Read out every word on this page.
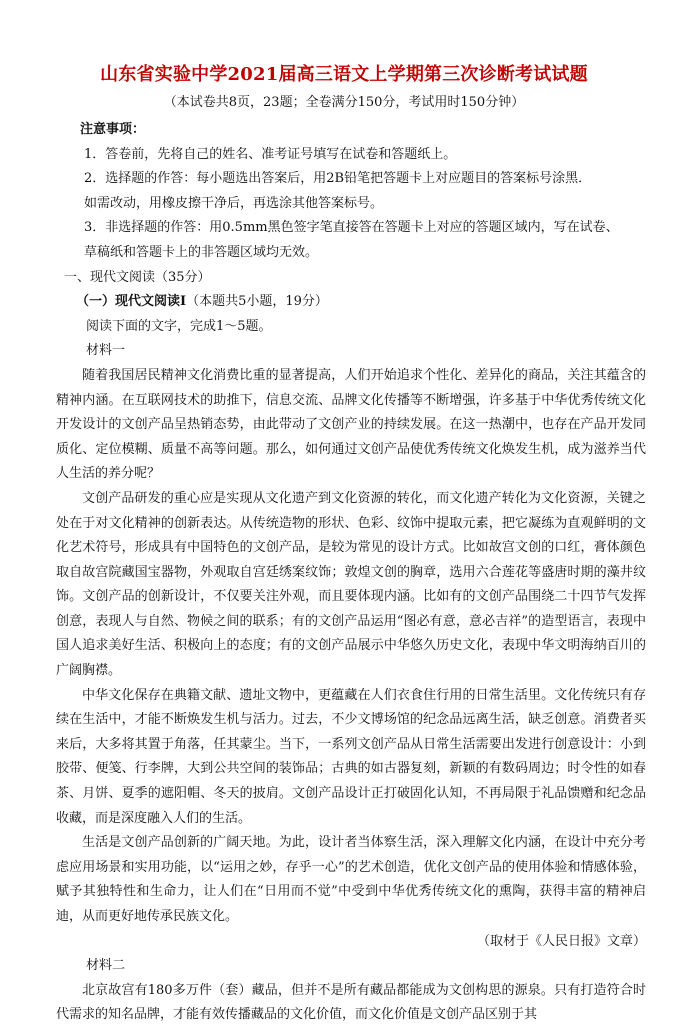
山东省实验中学2021届高三语文上学期第三次诊断考试试题
（本试卷共8页，23题；全卷满分150分，考试用时150分钟）
注意事项：
1．答卷前，先将自己的姓名、准考证号填写在试卷和答题纸上。
2．选择题的作答：每小题选出答案后，用2B铅笔把答题卡上对应题目的答案标号涂黑．
如需改动，用橡皮擦干净后，再选涂其他答案标号。
3．非选择题的作答：用0.5mm黑色签字笔直接答在答题卡上对应的答题区域内，写在试卷、
草稿纸和答题卡上的非答题区域均无效。
一、现代文阅读（35分）
（一）现代文阅读Ⅰ（本题共5小题，19分）
阅读下面的文字，完成1～5题。
材料一

随着我国居民精神文化消费比重的显著提高，人们开始追求个性化、差异化的商品，关注其蕴含的精神内涵。在互联网技术的助推下，信息交流、品牌文化传播等不断增强，许多基于中华优秀传统文化开发设计的文创产品呈热销态势，由此带动了文创产业的持续发展。在这一热潮中，也存在产品开发同质化、定位模糊、质量不高等问题。那么，如何通过文创产品使优秀传统文化焕发生机，成为滋养当代人生活的养分呢？

文创产品研发的重心应是实现从文化遗产到文化资源的转化，而文化遗产转化为文化资源，关键之处在于对文化精神的创新表达。从传统造物的形状、色彩、纹饰中提取元素，把它凝练为直观鲜明的文化艺术符号，形成具有中国特色的文创产品，是较为常见的设计方式。比如故宫文创的口红，膏体颜色取自故宫院藏国宝器物，外观取自宫廷绣案纹饰；敦煌文创的胸章，选用六合莲花等盛唐时期的藻井纹饰。文创产品的创新设计，不仅要关注外观，而且要体现内涵。比如有的文创产品围绕二十四节气发挥创意，表现人与自然、物候之间的联系；有的文创产品运用“图必有意，意必吉祥”的造型语言，表现中国人追求美好生活、积极向上的态度；有的文创产品展示中华悠久历史文化，表现中华文明海纳百川的广阔胸襟。

中华文化保存在典籍文献、遗址文物中，更蕴藏在人们衣食住行用的日常生活里。文化传统只有存续在生活中，才能不断焕发生机与活力。过去，不少文博场馆的纪念品远离生活，缺乏创意。消费者买来后，大多将其置于角落，任其蒙尘。当下，一系列文创产品从日常生活需要出发进行创意设计：小到胶带、便笺、行李牌，大到公共空间的装饰品；古典的如古器复刻，新颖的有数码周边；时令性的如春茶、月饼、夏季的遮阳帽、冬天的披肩。文创产品设计正打破固化认知，不再局限于礼品馈赠和纪念品收藏，而是深度融入人们的生活。

生活是文创产品创新的广阔天地。为此，设计者当体察生活，深入理解文化内涵，在设计中充分考虑应用场景和实用功能，以“运用之妙，存乎一心”的艺术创造，优化文创产品的使用体验和情感体验，赋予其独特性和生命力，让人们在“日用而不觉”中受到中华优秀传统文化的熏陶，获得丰富的精神启迪，从而更好地传承民族文化。

（取材于《人民日报》文章）
材料二

北京故宫有180多万件（套）藏品，但并不是所有藏品都能成为文创构思的源泉。只有打造符合时代需求的知名品牌，才能有效传播藏品的文化价值，而文化价值是文创产品区别于其
